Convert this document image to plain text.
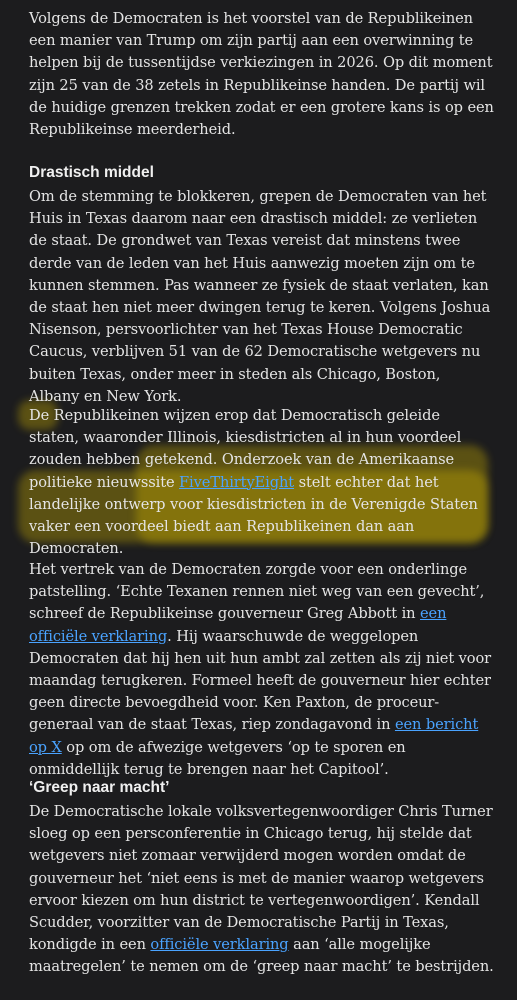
Volgens de Democraten is het voorstel van de Republikeinen een manier van Trump om zijn partij aan een overwinning te helpen bij de tussentijdse verkiezingen in 2026. Op dit moment zijn 25 van de 38 zetels in Republikeinse handen. De partij wil de huidige grenzen trekken zodat er een grotere kans is op een Republikeinse meerderheid.

Drastisch middel

Om de stemming te blokkeren, grepen de Democraten van het Huis in Texas daarom naar een drastisch middel: ze verlieten de staat. De grondwet van Texas vereist dat minstens twee derde van de leden van het Huis aanwezig moeten zijn om te kunnen stemmen. Pas wanneer ze fysiek de staat verlaten, kan de staat hen niet meer dwingen terug te keren. Volgens Joshua Nisenson, persvoorlichter van het Texas House Democratic Caucus, verblijven 51 van de 62 Democratische wetgevers nu buiten Texas, onder meer in steden als Chicago, Boston, Albany en New York.

De Republikeinen wijzen erop dat Democratisch geleide staten, waaronder Illinois, kiesdistricten al in hun voordeel zouden hebben getekend. Onderzoek van de Amerikaanse politieke nieuwssite FiveThirtyEight stelt echter dat het landelijke ontwerp voor kiesdistricten in de Verenigde Staten vaker een voordeel biedt aan Republikeinen dan aan Democraten.

Het vertrek van de Democraten zorgde voor een onderlinge patstelling. ‘Echte Texanen rennen niet weg van een gevecht’, schreef de Republikeinse gouverneur Greg Abbott in een officiële verklaring. Hij waarschuwde de weggelopen Democraten dat hij hen uit hun ambt zal zetten als zij niet voor maandag terugkeren. Formeel heeft de gouverneur hier echter geen directe bevoegdheid voor. Ken Paxton, de proceur-generaal van de staat Texas, riep zondagavond in een bericht op X op om de afwezige wetgevers ‘op te sporen en onmiddellijk terug te brengen naar het Capitool’.

‘Greep naar macht’

De Democratische lokale volksvertegenwoordiger Chris Turner sloeg op een persconferentie in Chicago terug, hij stelde dat wetgevers niet zomaar verwijderd mogen worden omdat de gouverneur het ‘niet eens is met de manier waarop wetgevers ervoor kiezen om hun district te vertegenwoordigen’. Kendall Scudder, voorzitter van de Democratische Partij in Texas, kondigde in een officiële verklaring aan ‘alle mogelijke maatregelen’ te nemen om de ‘greep naar macht’ te bestrijden.
